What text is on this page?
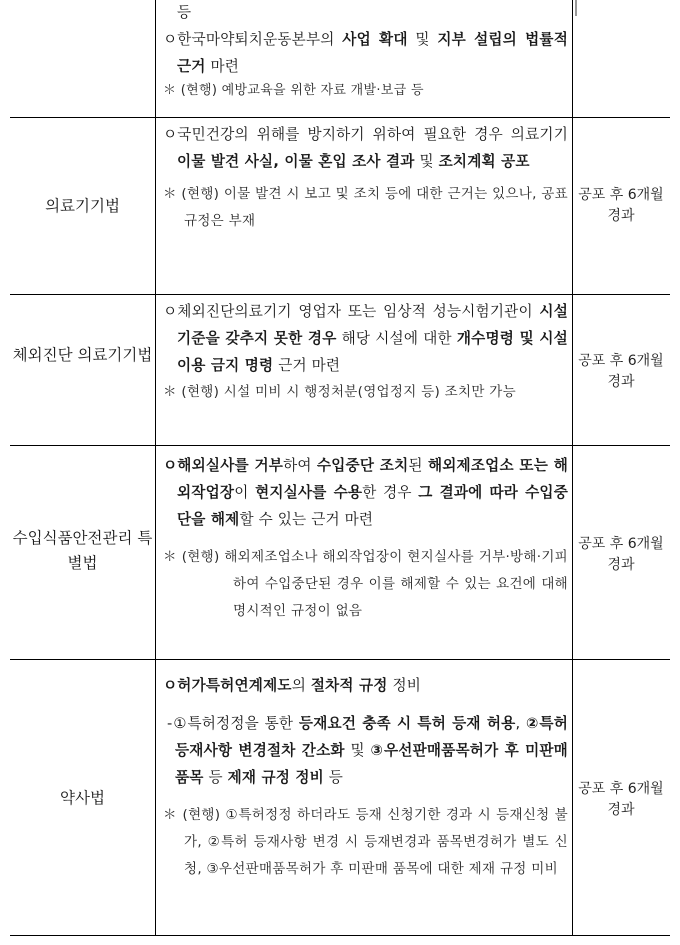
등

ㅇ한국마약퇴치운동본부의 사업 확대 및 지부 설립의 법률적 근거 마련

＊ (현행) 예방교육을 위한 자료 개발·보급 등

의료기기법
공포 후 6개월 경과

ㅇ국민건강의 위해를 방지하기 위하여 필요한 경우 의료기기 이물 발견 사실, 이물 혼입 조사 결과 및 조치계획 공포

＊ (현행) 이물 발견 시 보고 및 조치 등에 대한 근거는 있으나, 공표 규정은 부재

체외진단 의료기기법	공포 후 6개월 경과

ㅇ체외진단의료기기 영업자 또는 임상적 성능시험기관이 시설기준을 갖추지 못한 경우 해당 시설에 대한 개수명령 및 시설이용 금지 명령 근거 마련

＊ (현행) 시설 미비 시 행정처분(영업정지 등) 조치만 가능

수입식품안전관리 특별법
공포 후 6개월 경과

ㅇ해외실사를 거부하여 수입중단 조치된 해외제조업소 또는 해외작업장이 현지실사를 수용한 경우 그 결과에 따라 수입중단을 해제할 수 있는 근거 마련

＊ (현행) 해외제조업소나 해외작업장이 현지실사를 거부·방해·기피하여 수입중단된 경우 이를 해제할 수 있는 요건에 대해 명시적인 규정이 없음

약사법	공포 후 6개월 경과

ㅇ허가특허연계제도의 절차적 규정 정비

-①특허정정을 통한 등재요건 충족 시 특허 등재 허용, ②특허 등재사항 변경절차 간소화 및 ③우선판매품목허가 후 미판매 품목 등 제재 규정 정비 등

＊ (현행) ①특허정정 하더라도 등재 신청기한 경과 시 등재신청 불가, ②특허 등재사항 변경 시 등재변경과 품목변경허가 별도 신청, ③우선판매품목허가 후 미판매 품목에 대한 제재 규정 미비
